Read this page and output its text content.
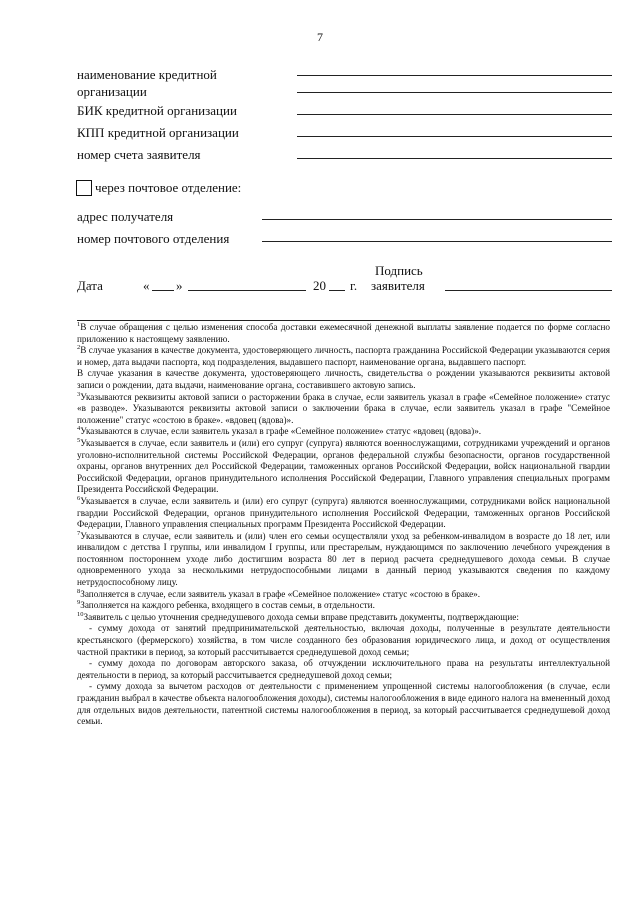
7
наименование кредитной
организации
БИК кредитной организации
КПП кредитной организации
номер счета заявителя
через почтовое отделение:
адрес получателя
номер почтового отделения
Дата	« »	20 г.
Подпись
заявителя

$^1$В случае обращения с целью изменения способа доставки ежемесячной денежной выплаты заявление подается по форме согласно приложению к настоящему заявлению.

$^2$В случае указания в качестве документа, удостоверяющего личность, паспорта гражданина Российской Федерации указываются серия и номер, дата выдачи паспорта, код подразделения, выдавшего паспорт, наименование органа, выдавшего паспорт.

В случае указания в качестве документа, удостоверяющего личность, свидетельства о рождении указываются реквизиты актовой записи о рождении, дата выдачи, наименование органа, составившего актовую запись.

$^3$Указываются реквизиты актовой записи о расторжении брака в случае, если заявитель указал в графе «Семейное положение» статус «в разводе». Указываются реквизиты актовой записи о заключении брака в случае, если заявитель указал в графе "Семейное положение" статус «состою в браке». «вдовец (вдова)».

$^4$Указываются в случае, если заявитель указал в графе «Семейное положение» статус «вдовец (вдова)».

$^5$Указывается в случае, если заявитель и (или) его супруг (супруга) являются военнослужащими, сотрудниками учреждений и органов уголовно-исполнительной системы Российской Федерации, органов федеральной службы безопасности, органов государственной охраны, органов внутренних дел Российской Федерации, таможенных органов Российской Федерации, войск национальной гвардии Российской Федерации, органов принудительного исполнения Российской Федерации, Главного управления специальных программ Президента Российской Федерации.

$^6$Указывается в случае, если заявитель и (или) его супруг (супруга) являются военнослужащими, сотрудниками войск национальной гвардии Российской Федерации, органов принудительного исполнения Российской Федерации, таможенных органов Российской Федерации, Главного управления специальных программ Президента Российской Федерации.

$^7$Указываются в случае, если заявитель и (или) член его семьи осуществляли уход за ребенком-инвалидом в возрасте до 18 лет, или инвалидом с детства I группы, или инвалидом I группы, или престарелым, нуждающимся по заключению лечебного учреждения в постоянном постороннем уходе либо достигшим возраста 80 лет в период расчета среднедушевого дохода семьи. В случае одновременного ухода за несколькими нетрудоспособными лицами в данный период указываются сведения по каждому нетрудоспособному лицу.

$^8$Заполняется в случае, если заявитель указал в графе «Семейное положение» статус «состою в браке».

$^9$Заполняется на каждого ребенка, входящего в состав семьи, в отдельности.

$^{10}$Заявитель с целью уточнения среднедушевого дохода семьи вправе представить документы, подтверждающие:

- сумму дохода от занятий предпринимательской деятельностью, включая доходы, полученные в результате деятельности крестьянского (фермерского) хозяйства, в том числе созданного без образования юридического лица, и доход от осуществления частной практики в период, за который рассчитывается среднедушевой доход семьи;

- сумму дохода по договорам авторского заказа, об отчуждении исключительного права на результаты интеллектуальной деятельности в период, за который рассчитывается среднедушевой доход семьи;

- сумму дохода за вычетом расходов от деятельности с применением упрощенной системы налогообложения (в случае, если гражданин выбрал в качестве объекта налогообложения доходы), системы налогообложения в виде единого налога на вмененный доход для отдельных видов деятельности, патентной системы налогообложения в период, за который рассчитывается среднедушевой доход семьи.
